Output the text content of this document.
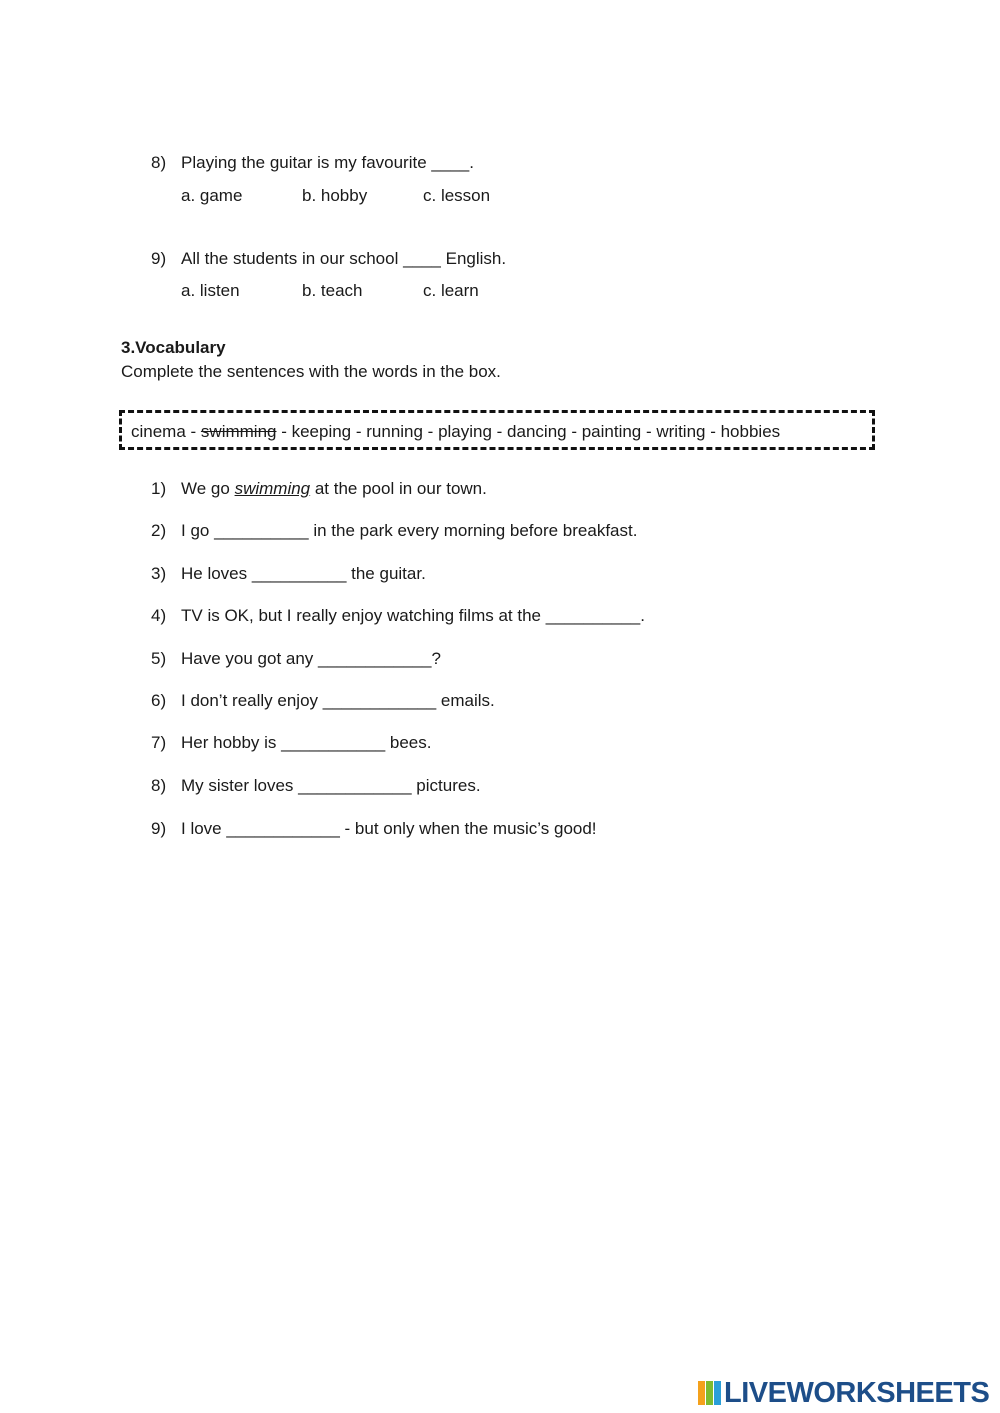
8) Playing the guitar is my favourite ____.
a. game	b. hobby	c. lesson
9) All the students in our school ____ English.
a. listen	b. teach	c. learn
3.Vocabulary
Complete the sentences with the words in the box.
cinema - swimming - keeping - running - playing - dancing - painting - writing - hobbies
1) We go swimming at the pool in our town.
2) I go __________ in the park every morning before breakfast.
3) He loves __________ the guitar.
4) TV is OK, but I really enjoy watching films at the __________.
5) Have you got any ____________?
6) I don’t really enjoy ____________ emails.
7) Her hobby is ___________ bees.
8) My sister loves ____________ pictures.
9) I love ____________ - but only when the music’s good!
LIVEWORKSHEETS
